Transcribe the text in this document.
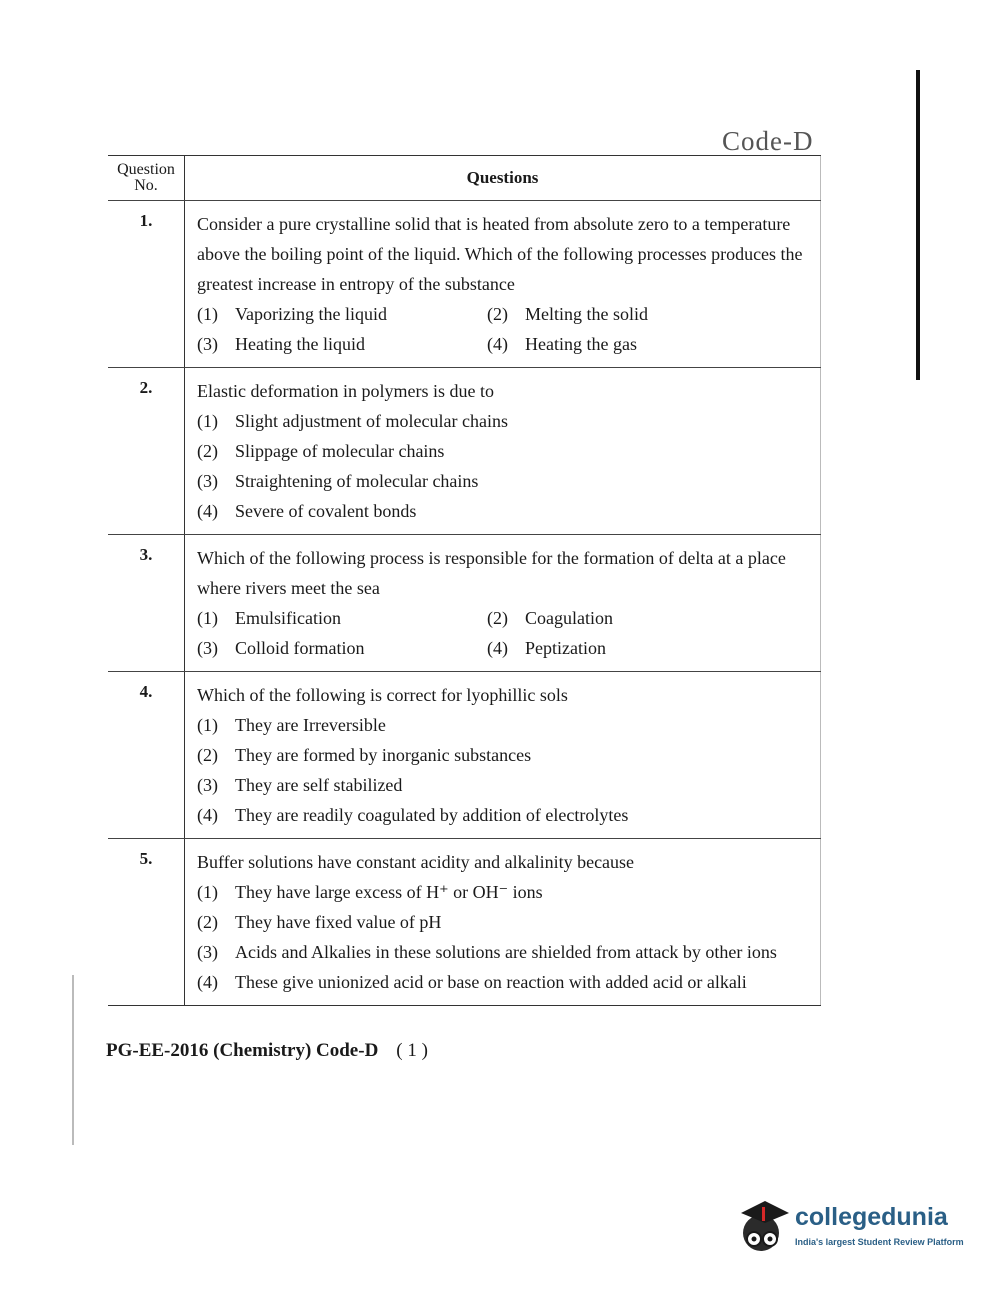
Code-D
Question No.	Questions
1.	Consider a pure crystalline solid that is heated from absolute zero to a temperature above the boiling point of the liquid. Which of the following processes produces the greatest increase in entropy of the substance
(1) Vaporizing the liquid	(2) Melting the solid
(3) Heating the liquid	(4) Heating the gas
2.	Elastic deformation in polymers is due to
(1) Slight adjustment of molecular chains
(2) Slippage of molecular chains
(3) Straightening of molecular chains
(4) Severe of covalent bonds
3.	Which of the following process is responsible for the formation of delta at a place where rivers meet the sea
(1) Emulsification	(2) Coagulation
(3) Colloid formation	(4) Peptization
4.	Which of the following is correct for lyophillic sols
(1) They are Irreversible
(2) They are formed by inorganic substances
(3) They are self stabilized
(4) They are readily coagulated by addition of electrolytes
5.	Buffer solutions have constant acidity and alkalinity because
(1) They have large excess of H⁺ or OH⁻ ions
(2) They have fixed value of pH
(3) Acids and Alkalies in these solutions are shielded from attack by other ions
(4) These give unionized acid or base on reaction with added acid or alkali
PG-EE-2016 (Chemistry) Code-D ( 1 )
collegedunia
India's largest Student Review Platform
